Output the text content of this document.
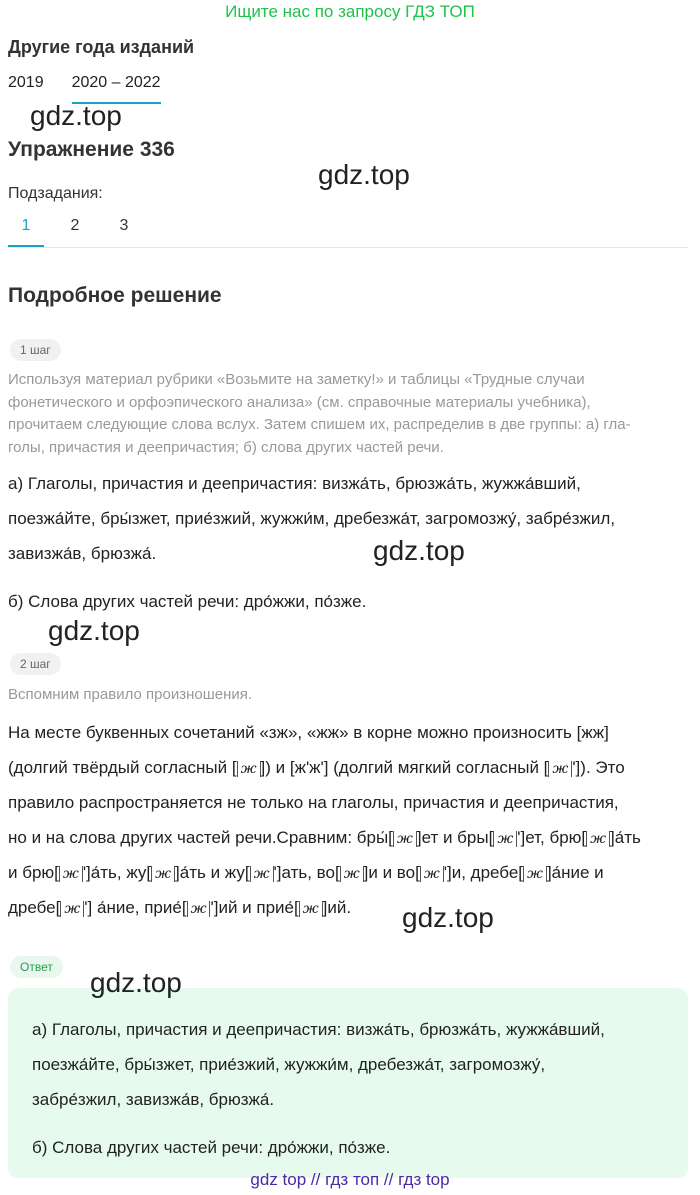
Ищите нас по запросу ГДЗ ТОП
Другие года изданий
2019 2020 – 2022
gdz.top
Упражнение 336
gdz.top
Подзадания:
1	2	3
Подробное решение
1 шаг
Используя материал рубрики «Возьмите на заметку!» и таблицы «Трудные случаи
фонетического и орфоэпического анализа» (см. справочные материалы учебника),
прочитаем следующие слова вслух. Затем спишем их, распределив в две группы: а) гла-
голы, причастия и деепричастия; б) слова других частей речи.
а) Глаголы, причастия и деепричастия: визжа́ть, брюзжа́ть, жужжа́вший,
поезжа́йте, бры́зжет, прие́зжий, жужжи́м, дребезжа́т, загромозжу́, забре́зжил,
завизжа́в, брюзжа́.	gdz.top
б) Слова других частей речи: дро́жжи, по́зже.
gdz.top
2 шаг
Вспомним правило произношения.
На месте буквенных сочетаний «зж», «жж» в корне можно произносить [жж]
(долгий твёрдый согласный [ ж ]) и [ж'ж'] (долгий мягкий согласный [ ж ']). Это
правило распространяется не только на глаголы, причастия и деепричастия,
но и на слова других частей речи.Сравним: бры́[ ж ]ет и бры[ ж ']ет, брю[ ж ]а́ть
и брю[ ж ']а́ть, жу[ ж ]а́ть и жу[ ж ']ать, во[ ж ]и и во[ ж ']и, дребе[ ж ]а́ние и
дребе[ ж '] а́ние, прие́[ ж ']ий и прие́[ ж ]ий.	gdz.top
Ответ
а) Глаголы, причастия и деепричастия: визжа́ть, брюзжа́ть, жужжа́вший,
поезжа́йте, бры́зжет, прие́зжий, жужжи́м, дребезжа́т, загромозжу́,
забре́зжил, завизжа́в, брюзжа́.
б) Слова других частей речи: дро́жжи, по́зже.
gdz.top
gdz top // гдз топ // гдз top
